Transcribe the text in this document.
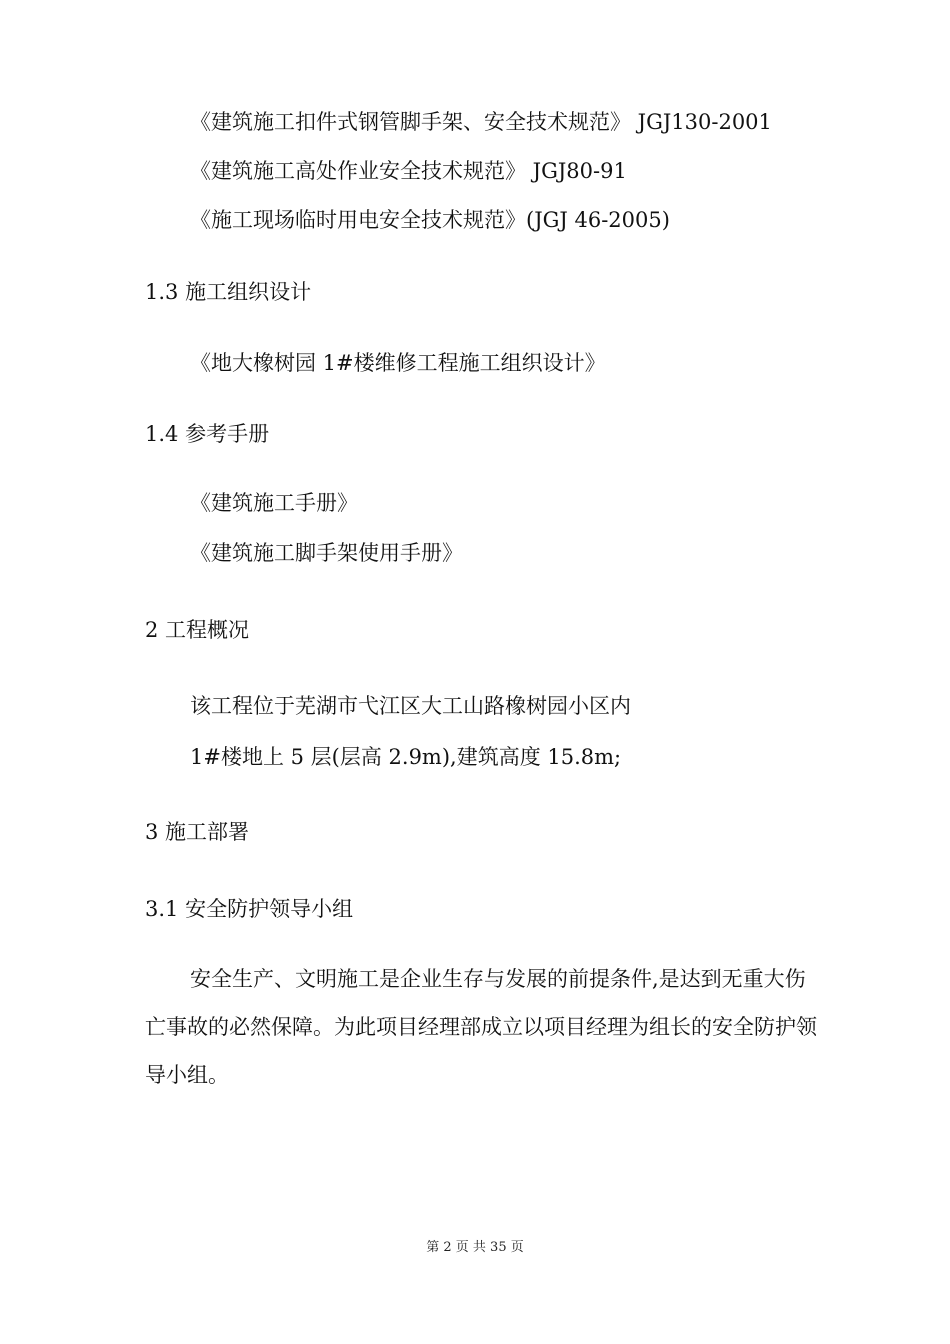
《建筑施工扣件式钢管脚手架、安全技术规范》 JGJ130-2001
《建筑施工高处作业安全技术规范》 JGJ80-91
《施工现场临时用电安全技术规范》(JGJ 46-2005)
1.3 施工组织设计
《地大橡树园 1#楼维修工程施工组织设计》
1.4 参考手册
《建筑施工手册》
《建筑施工脚手架使用手册》
2 工程概况
该工程位于芜湖市弋江区大工山路橡树园小区内
1#楼地上 5 层(层高 2.9m),建筑高度 15.8m;
3 施工部署
3.1 安全防护领导小组
安全生产、文明施工是企业生存与发展的前提条件,是达到无重大伤亡事故的必然保障。为此项目经理部成立以项目经理为组长的安全防护领导小组。
第 2 页 共 35 页
